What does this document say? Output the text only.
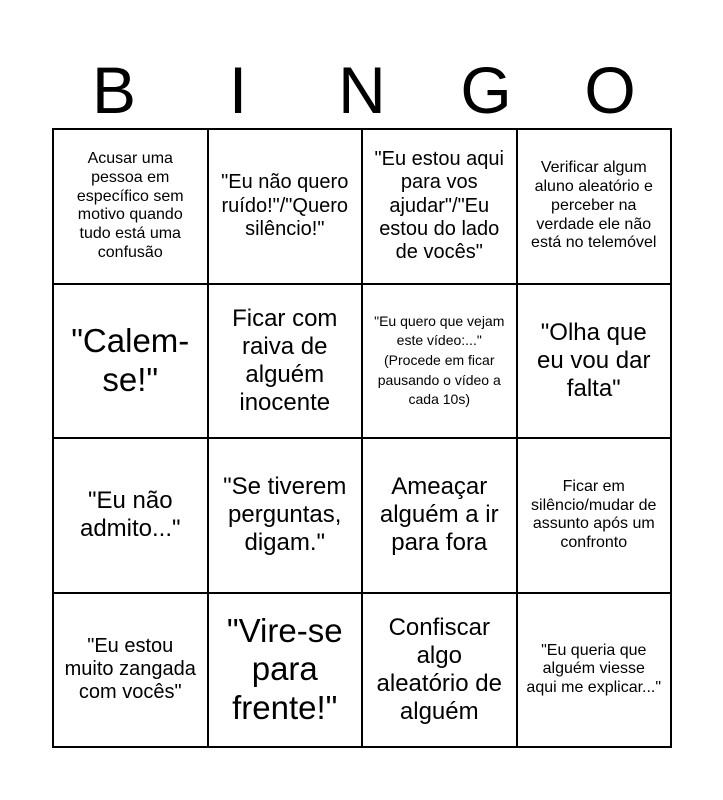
B	I	N	G	O
Acusar uma pessoa em específico sem motivo quando tudo está uma confusão
"Eu não quero ruído!"/"Quero silêncio!"
"Eu estou aqui para vos ajudar"/"Eu estou do lado de vocês"
Verificar algum aluno aleatório e perceber na verdade ele não está no telemóvel
"Calem-se!"
Ficar com raiva de alguém inocente
"Eu quero que vejam este vídeo:..." (Procede em ficar pausando o vídeo a cada 10s)
"Olha que eu vou dar falta"
"Eu não admito..."
"Se tiverem perguntas, digam."
Ameaçar alguém a ir para fora
Ficar em silêncio/mudar de assunto após um confronto
"Eu estou muito zangada com vocês"
"Vire-se para frente!"
Confiscar algo aleatório de alguém
"Eu queria que alguém viesse aqui me explicar..."
